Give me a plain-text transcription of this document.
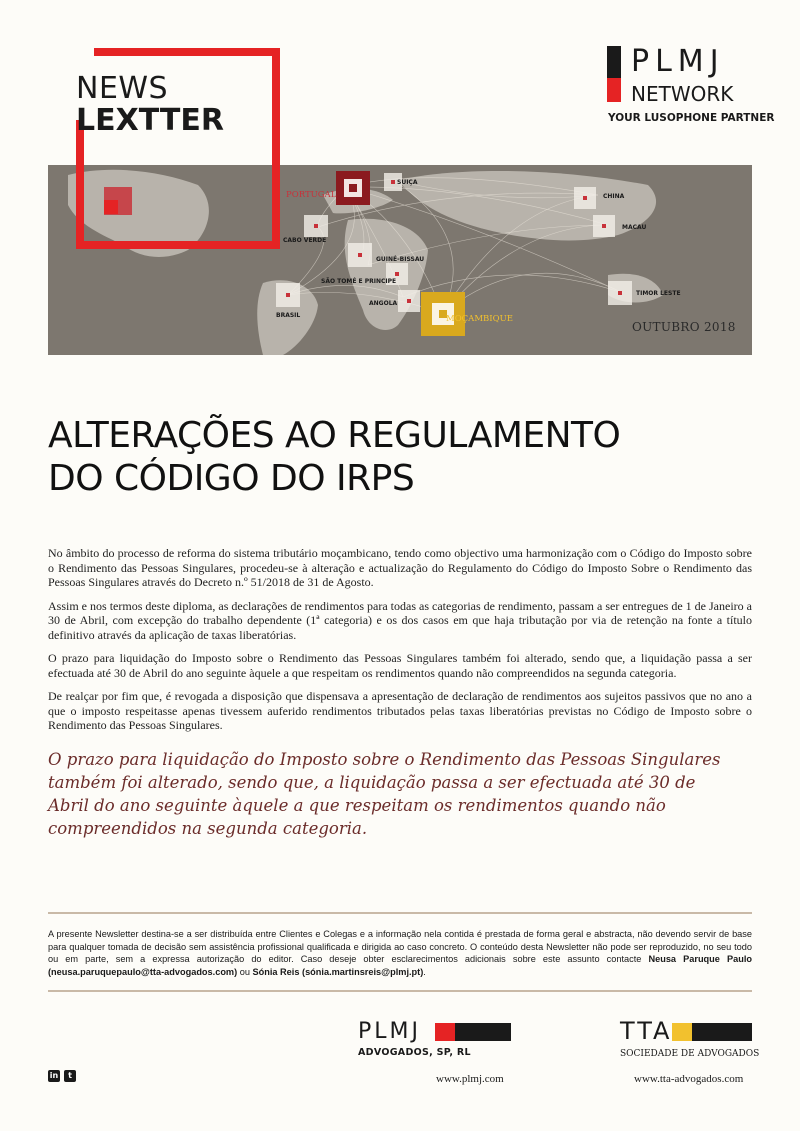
PORTUGAL
SUIÇA
CHINA
MACAU
CABO VERDE
GUINÉ-BISSAU
SÃO TOMÉ E PRINCIPE
ANGOLA
BRASIL	MOÇAMBIQUE
TIMOR LESTE
OUTUBRO 2018
NEWS
LEXTTER
PLMJ
NETWORK
YOUR LUSOPHONE PARTNER
ALTERAÇÕES AO REGULAMENTO
DO CÓDIGO DO IRPS

No âmbito do processo de reforma do sistema tributário moçambicano, tendo como objectivo uma harmonização com o Código do Imposto sobre o Rendimento das Pessoas Singulares, procedeu-se à alteração e actualização do Regulamento do Código do Imposto Sobre o Rendimento das Pessoas Singulares através do Decreto n.º 51/2018 de 31 de Agosto.

Assim e nos termos deste diploma, as declarações de rendimentos para todas as categorias de rendimento, passam a ser entregues de 1 de Janeiro a 30 de Abril, com excepção do trabalho dependente (1ª categoria) e os dos casos em que haja tributação por via de retenção na fonte a título definitivo através da aplicação de taxas liberatórias.

O prazo para liquidação do Imposto sobre o Rendimento das Pessoas Singulares também foi alterado, sendo que, a liquidação passa a ser efectuada até 30 de Abril do ano seguinte àquele a que respeitam os rendimentos quando não compreendidos na segunda categoria.

De realçar por fim que, é revogada a disposição que dispensava a apresentação de declaração de rendimentos aos sujeitos passivos que no ano a que o imposto respeitasse apenas tivessem auferido rendimentos tributados pelas taxas liberatórias previstas no Código de Imposto sobre o Rendimento das Pessoas Singulares.

O prazo para liquidação do Imposto sobre o Rendimento das Pessoas Singulares também foi alterado, sendo que, a liquidação passa a ser efectuada até 30 de Abril do ano seguinte àquele a que respeitam os rendimentos quando não compreendidos na segunda categoria.
A presente Newsletter destina-se a ser distribuída entre Clientes e Colegas e a informação nela contida é prestada de forma geral e abstracta, não devendo servir de base para qualquer tomada de decisão sem assistência profissional qualificada e dirigida ao caso concreto. O conteúdo desta Newsletter não pode ser reproduzido, no seu todo ou em parte, sem a expressa autorização do editor. Caso deseje obter esclarecimentos adicionais sobre este assunto contacte Neusa Paruque Paulo (neusa.paruquepaulo@tta-advogados.com) ou Sónia Reis (sónia.martinsreis@plmj.pt).
PLMJ
ADVOGADOS, SP, RL
TTA
SOCIEDADE DE ADVOGADOS
in	t	www.plmj.com	www.tta-advogados.com
